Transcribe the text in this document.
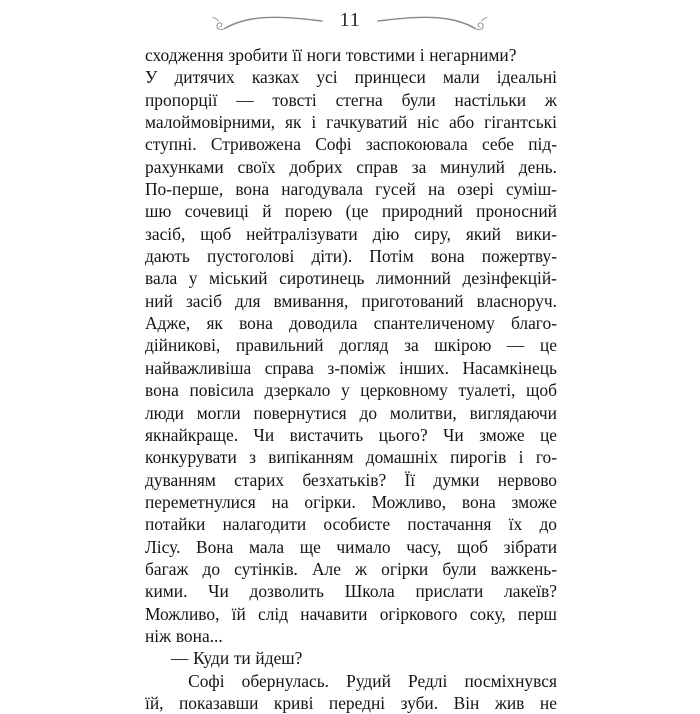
11
сходження зробити її ноги товстими і негарними?
У дитячих казках усі принцеси мали ідеальні
пропорції — товсті стегна були настільки ж
малоймовірними, як і гачкуватий ніс або гігантські
ступні. Стривожена Софі заспокоювала себе під-
рахунками своїх добрих справ за минулий день.
По-перше, вона нагодувала гусей на озері суміш-
шю сочевиці й порею (це природний проносний
засіб, щоб нейтралізувати дію сиру, який вики-
дають пустоголові діти). Потім вона пожертву-
вала у міський сиротинець лимонний дезінфекцій-
ний засіб для вмивання, приготований власноруч.
Адже, як вона доводила спантеличеному благо-
дійникові, правильний догляд за шкірою — це
найважливіша справа з-поміж інших. Насамкінець
вона повісила дзеркало у церковному туалеті, щоб
люди могли повернутися до молитви, виглядаючи
якнайкраще. Чи вистачить цього? Чи зможе це
конкурувати з випіканням домашніх пирогів і го-
дуванням старих безхатьків? Її думки нервово
переметнулися на огірки. Можливо, вона зможе
потайки налагодити особисте постачання їх до
Лісу. Вона мала ще чимало часу, щоб зібрати
багаж до сутінків. Але ж огірки були важкень-
кими. Чи дозволить Школа прислати лакеїв?
Можливо, їй слід начавити огіркового соку, перш
ніж вона...
— Куди ти йдеш?
Софі обернулась. Рудий Редлі посміхнувся
їй, показавши криві передні зуби. Він жив не
